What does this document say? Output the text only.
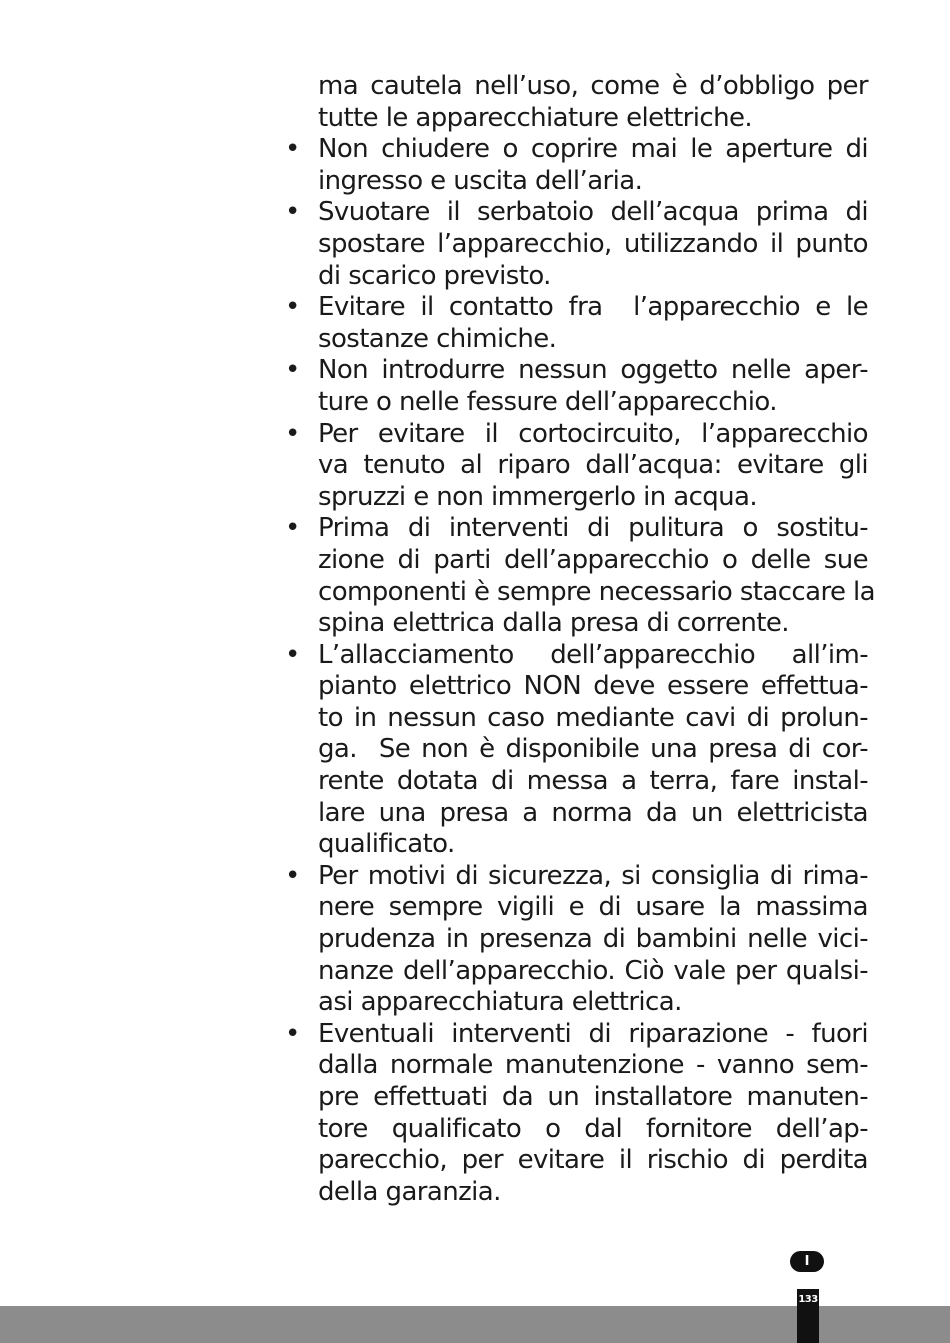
ma cautela nell’uso, come è d’obbligo per
tutte le apparecchiature elettriche.
• Non chiudere o coprire mai le aperture di
ingresso e uscita dell’aria.
• Svuotare il serbatoio dell’acqua prima di
spostare l’apparecchio, utilizzando il punto
di scarico previsto.
• Evitare il contatto fra  l’apparecchio e le
sostanze chimiche.
• Non introdurre nessun oggetto nelle aper-
ture o nelle fessure dell’apparecchio.
• Per evitare il cortocircuito, l’apparecchio
va tenuto al riparo dall’acqua: evitare gli
spruzzi e non immergerlo in acqua.
• Prima di interventi di pulitura o sostitu-
zione di parti dell’apparecchio o delle sue
componenti è sempre necessario staccare la
spina elettrica dalla presa di corrente.
• L’allacciamento dell’apparecchio all’im-
pianto elettrico NON deve essere effettua-
to in nessun caso mediante cavi di prolun-
ga.  Se non è disponibile una presa di cor-
rente dotata di messa a terra, fare instal-
lare una presa a norma da un elettricista
qualificato.
• Per motivi di sicurezza, si consiglia di rima-
nere sempre vigili e di usare la massima
prudenza in presenza di bambini nelle vici-
nanze dell’apparecchio. Ciò vale per qualsi-
asi apparecchiatura elettrica.
• Eventuali interventi di riparazione - fuori
dalla normale manutenzione - vanno sem-
pre effettuati da un installatore manuten-
tore qualificato o dal fornitore dell’ap-
parecchio, per evitare il rischio di perdita
della garanzia.
I
133
